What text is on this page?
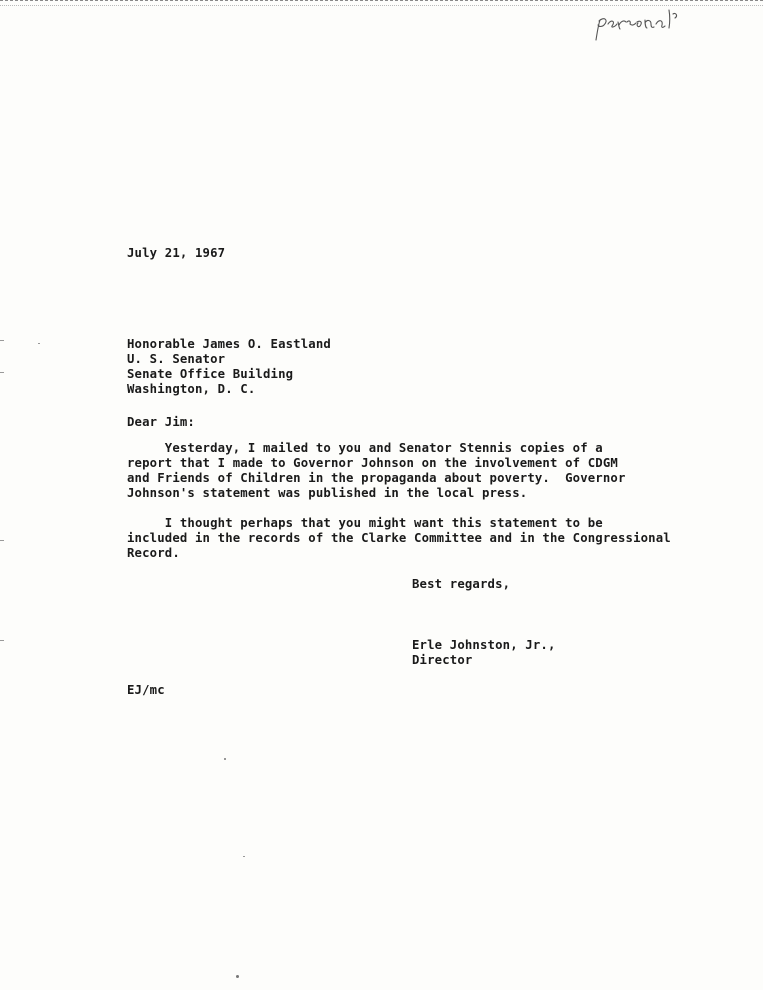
July 21, 1967
Honorable James O. Eastland
U. S. Senator
Senate Office Building
Washington, D. C.
Dear Jim:
Yesterday, I mailed to you and Senator Stennis copies of a
report that I made to Governor Johnson on the involvement of CDGM
and Friends of Children in the propaganda about poverty.  Governor
Johnson's statement was published in the local press.
I thought perhaps that you might want this statement to be
included in the records of the Clarke Committee and in the Congressional
Record.
Best regards,
Erle Johnston, Jr.,
Director
EJ/mc
